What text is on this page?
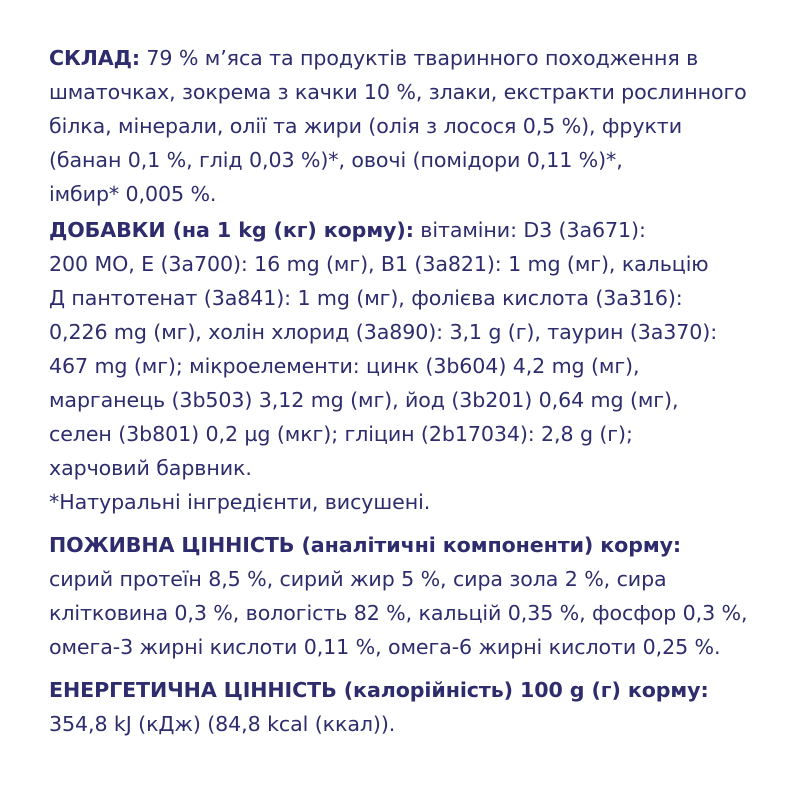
СКЛАД: 79 % м’яса та продуктів тваринного походження в
шматочках, зокрема з качки 10 %, злаки, екстракти рослинного
білка, мінерали, олії та жири (олія з лосося 0,5 %), фрукти
(банан 0,1 %, глід 0,03 %)*, овочі (помідори 0,11 %)*,
імбир* 0,005 %.
ДОБАВКИ (на 1 kg (кг) корму): вітаміни: D3 (3a671):
200 МО, E (3a700): 16 mg (мг), B1 (3a821): 1 mg (мг), кальцію
Д пантотенат (3a841): 1 mg (мг), фолієва кислота (3a316):
0,226 mg (мг), холін хлорид (3a890): 3,1 g (г), таурин (3a370):
467 mg (мг); мікроелементи: цинк (3b604) 4,2 mg (мг),
марганець (3b503) 3,12 mg (мг), йод (3b201) 0,64 mg (мг),
селен (3b801) 0,2 µg (мкг); гліцин (2b17034): 2,8 g (г);
харчовий барвник.
*Натуральні інгредієнти, висушені.
ПОЖИВНА ЦІННІСТЬ (аналітичні компоненти) корму:
сирий протеїн 8,5 %, сирий жир 5 %, сира зола 2 %, сира
клітковина 0,3 %, вологість 82 %, кальцій 0,35 %, фосфор 0,3 %,
омега-3 жирні кислоти 0,11 %, омега-6 жирні кислоти 0,25 %.
ЕНЕРГЕТИЧНА ЦІННІСТЬ (калорійність) 100 g (г) корму:
354,8 kJ (кДж) (84,8 kcal (ккал)).
